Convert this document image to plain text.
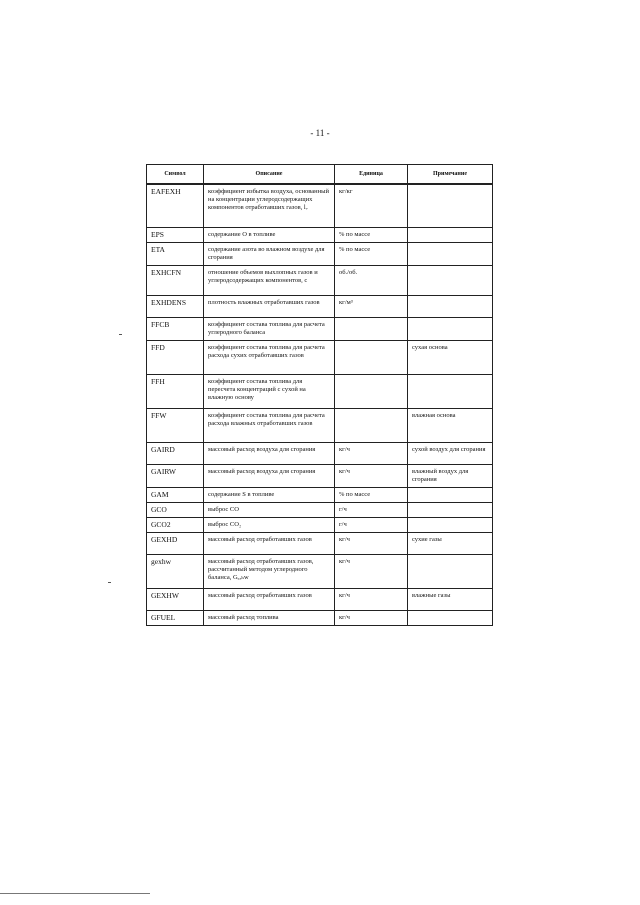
- 11 -
Символ	Описание	Единица	Примечание
EAFEXH	коэффициент избытка воздуха, основанный на концентрации углеродсодержащих компонентов отработавших газов, lᵥ	кг/кг	
EPS	содержание О в топливе	% по массе	
ETA	содержание азота во влажном воздухе для сгорания	% по массе	
EXHCFN	отношение объемов выхлопных газов и углеродсодержащих компонентов, с	об./об.	
EXHDENS	плотность влажных отработавших газов	кг/м³	
FFCB	коэффициент состава топлива для расчета углеродного баланса		
FFD	коэффициент состава топлива для расчета расхода сухих отработавших газов		сухая основа
FFH	коэффициент состава топлива для пересчета концентраций с сухой на влажную основу		
FFW	коэффициент состава топлива для расчета расхода влажных отработавших газов		влажная основа
GAIRD	массовый расход воздуха для сгорания	кг/ч	сухой воздух для сгорания
GAIRW	массовый расход воздуха для сгорания	кг/ч	влажный воздух для сгорания
GAM	содержание S в топливе	% по массе	
GCO	выброс CO	г/ч	
GCO2	выброс CO₂	г/ч	
GEXHD	массовый расход отработавших газов	кг/ч	сухие газы
gexhw	массовый расход отработавших газов, рассчитанный методом углеродного баланса, Gₑₓₕw	кг/ч	
GEXHW	массовый расход отработавших газов	кг/ч	влажные газы
GFUEL	массовый расход топлива	кг/ч	
